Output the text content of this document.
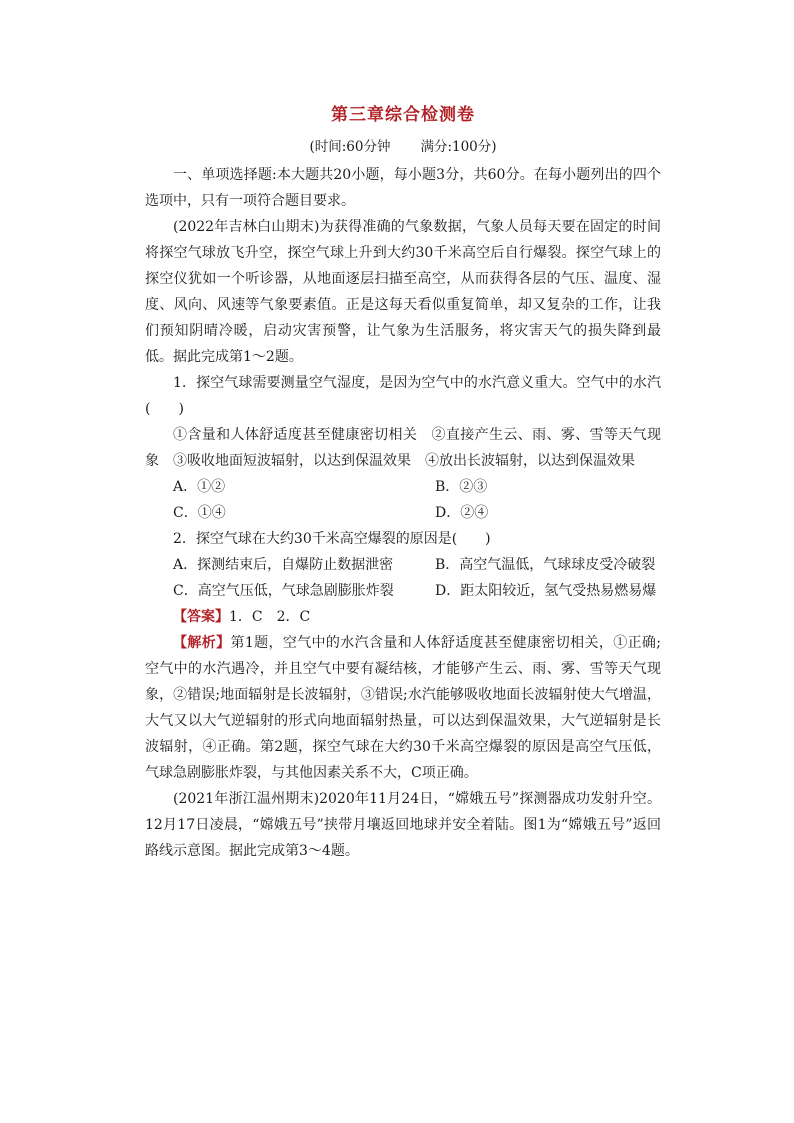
第三章综合检测卷
(时间:60分钟 满分:100分)

一、单项选择题:本大题共20小题，每小题3分，共60分。在每小题列出的四个选项中，只有一项符合题目要求。

(2022年吉林白山期末)为获得准确的气象数据，气象人员每天要在固定的时间将探空气球放飞升空，探空气球上升到大约30千米高空后自行爆裂。探空气球上的探空仪犹如一个听诊器，从地面逐层扫描至高空，从而获得各层的气压、温度、湿度、风向、风速等气象要素值。正是这每天看似重复简单，却又复杂的工作，让我们预知阴晴冷暖，启动灾害预警，让气象为生活服务，将灾害天气的损失降到最低。据此完成第1～2题。

1．探空气球需要测量空气湿度，是因为空气中的水汽意义重大。空气中的水汽(　　)

①含量和人体舒适度甚至健康密切相关　②直接产生云、雨、雾、雪等天气现象　③吸收地面短波辐射，以达到保温效果　④放出长波辐射，以达到保温效果

A．①②	B．②③
C．①④	D．②④

2．探空气球在大约30千米高空爆裂的原因是(　　)

A．探测结束后，自爆防止数据泄密	B．高空气温低，气球球皮受冷破裂
C．高空气压低，气球急剧膨胀炸裂	D．距太阳较近，氢气受热易燃易爆

【答案】1．C　2．C

【解析】第1题，空气中的水汽含量和人体舒适度甚至健康密切相关，①正确;空气中的水汽遇冷，并且空气中要有凝结核，才能够产生云、雨、雾、雪等天气现象，②错误;地面辐射是长波辐射，③错误;水汽能够吸收地面长波辐射使大气增温，大气又以大气逆辐射的形式向地面辐射热量，可以达到保温效果，大气逆辐射是长波辐射，④正确。第2题，探空气球在大约30千米高空爆裂的原因是高空气压低，气球急剧膨胀炸裂，与其他因素关系不大，C项正确。

(2021年浙江温州期末)2020年11月24日，“嫦娥五号”探测器成功发射升空。12月17日凌晨，“嫦娥五号”挟带月壤返回地球并安全着陆。图1为“嫦娥五号”返回路线示意图。据此完成第3～4题。
